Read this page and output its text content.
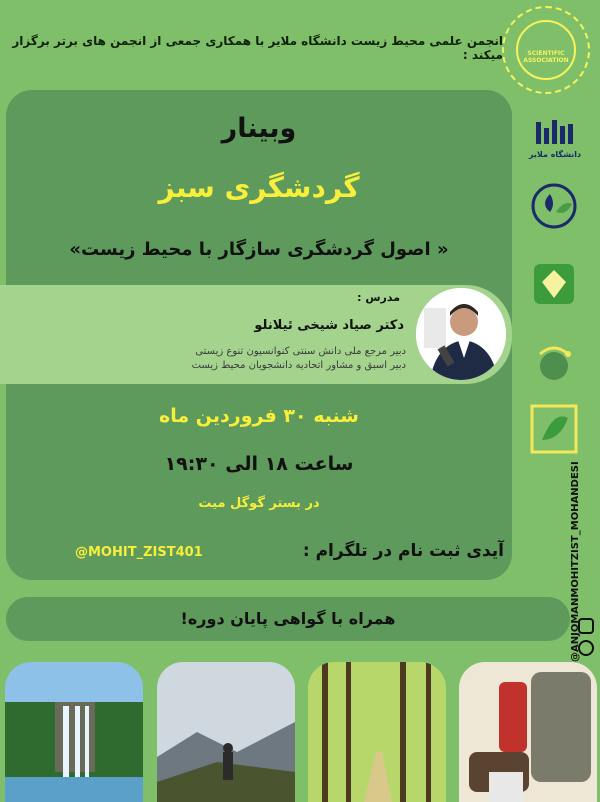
SCIENTIFIC ASSOCIATION
انجمن علمی محیط زیست دانشگاه ملایر با همکاری جمعی از انجمن های برتر برگزار میکند :
وبینار
گردشگری سبز
« اصول گردشگری سازگار با محیط زیست»
مدرس :
دکتر صیاد شیخی ئیلانلو
دبیر مرجع ملی دانش سنتی کنوانسیون تنوع زیستی
دبیر اسبق و مشاور اتحادیه دانشجویان محیط زیست
شنبه ۳۰ فروردین ماه
ساعت ۱۸ الی ۱۹:۳۰
در بستر گوگل میت
آیدی ثبت نام در تلگرام :
@MOHIT_ZIST401
همراه با گواهی پایان دوره!	@ANJOMANMOHITZIST_MOHANDESI
دانشگاه ملایر
